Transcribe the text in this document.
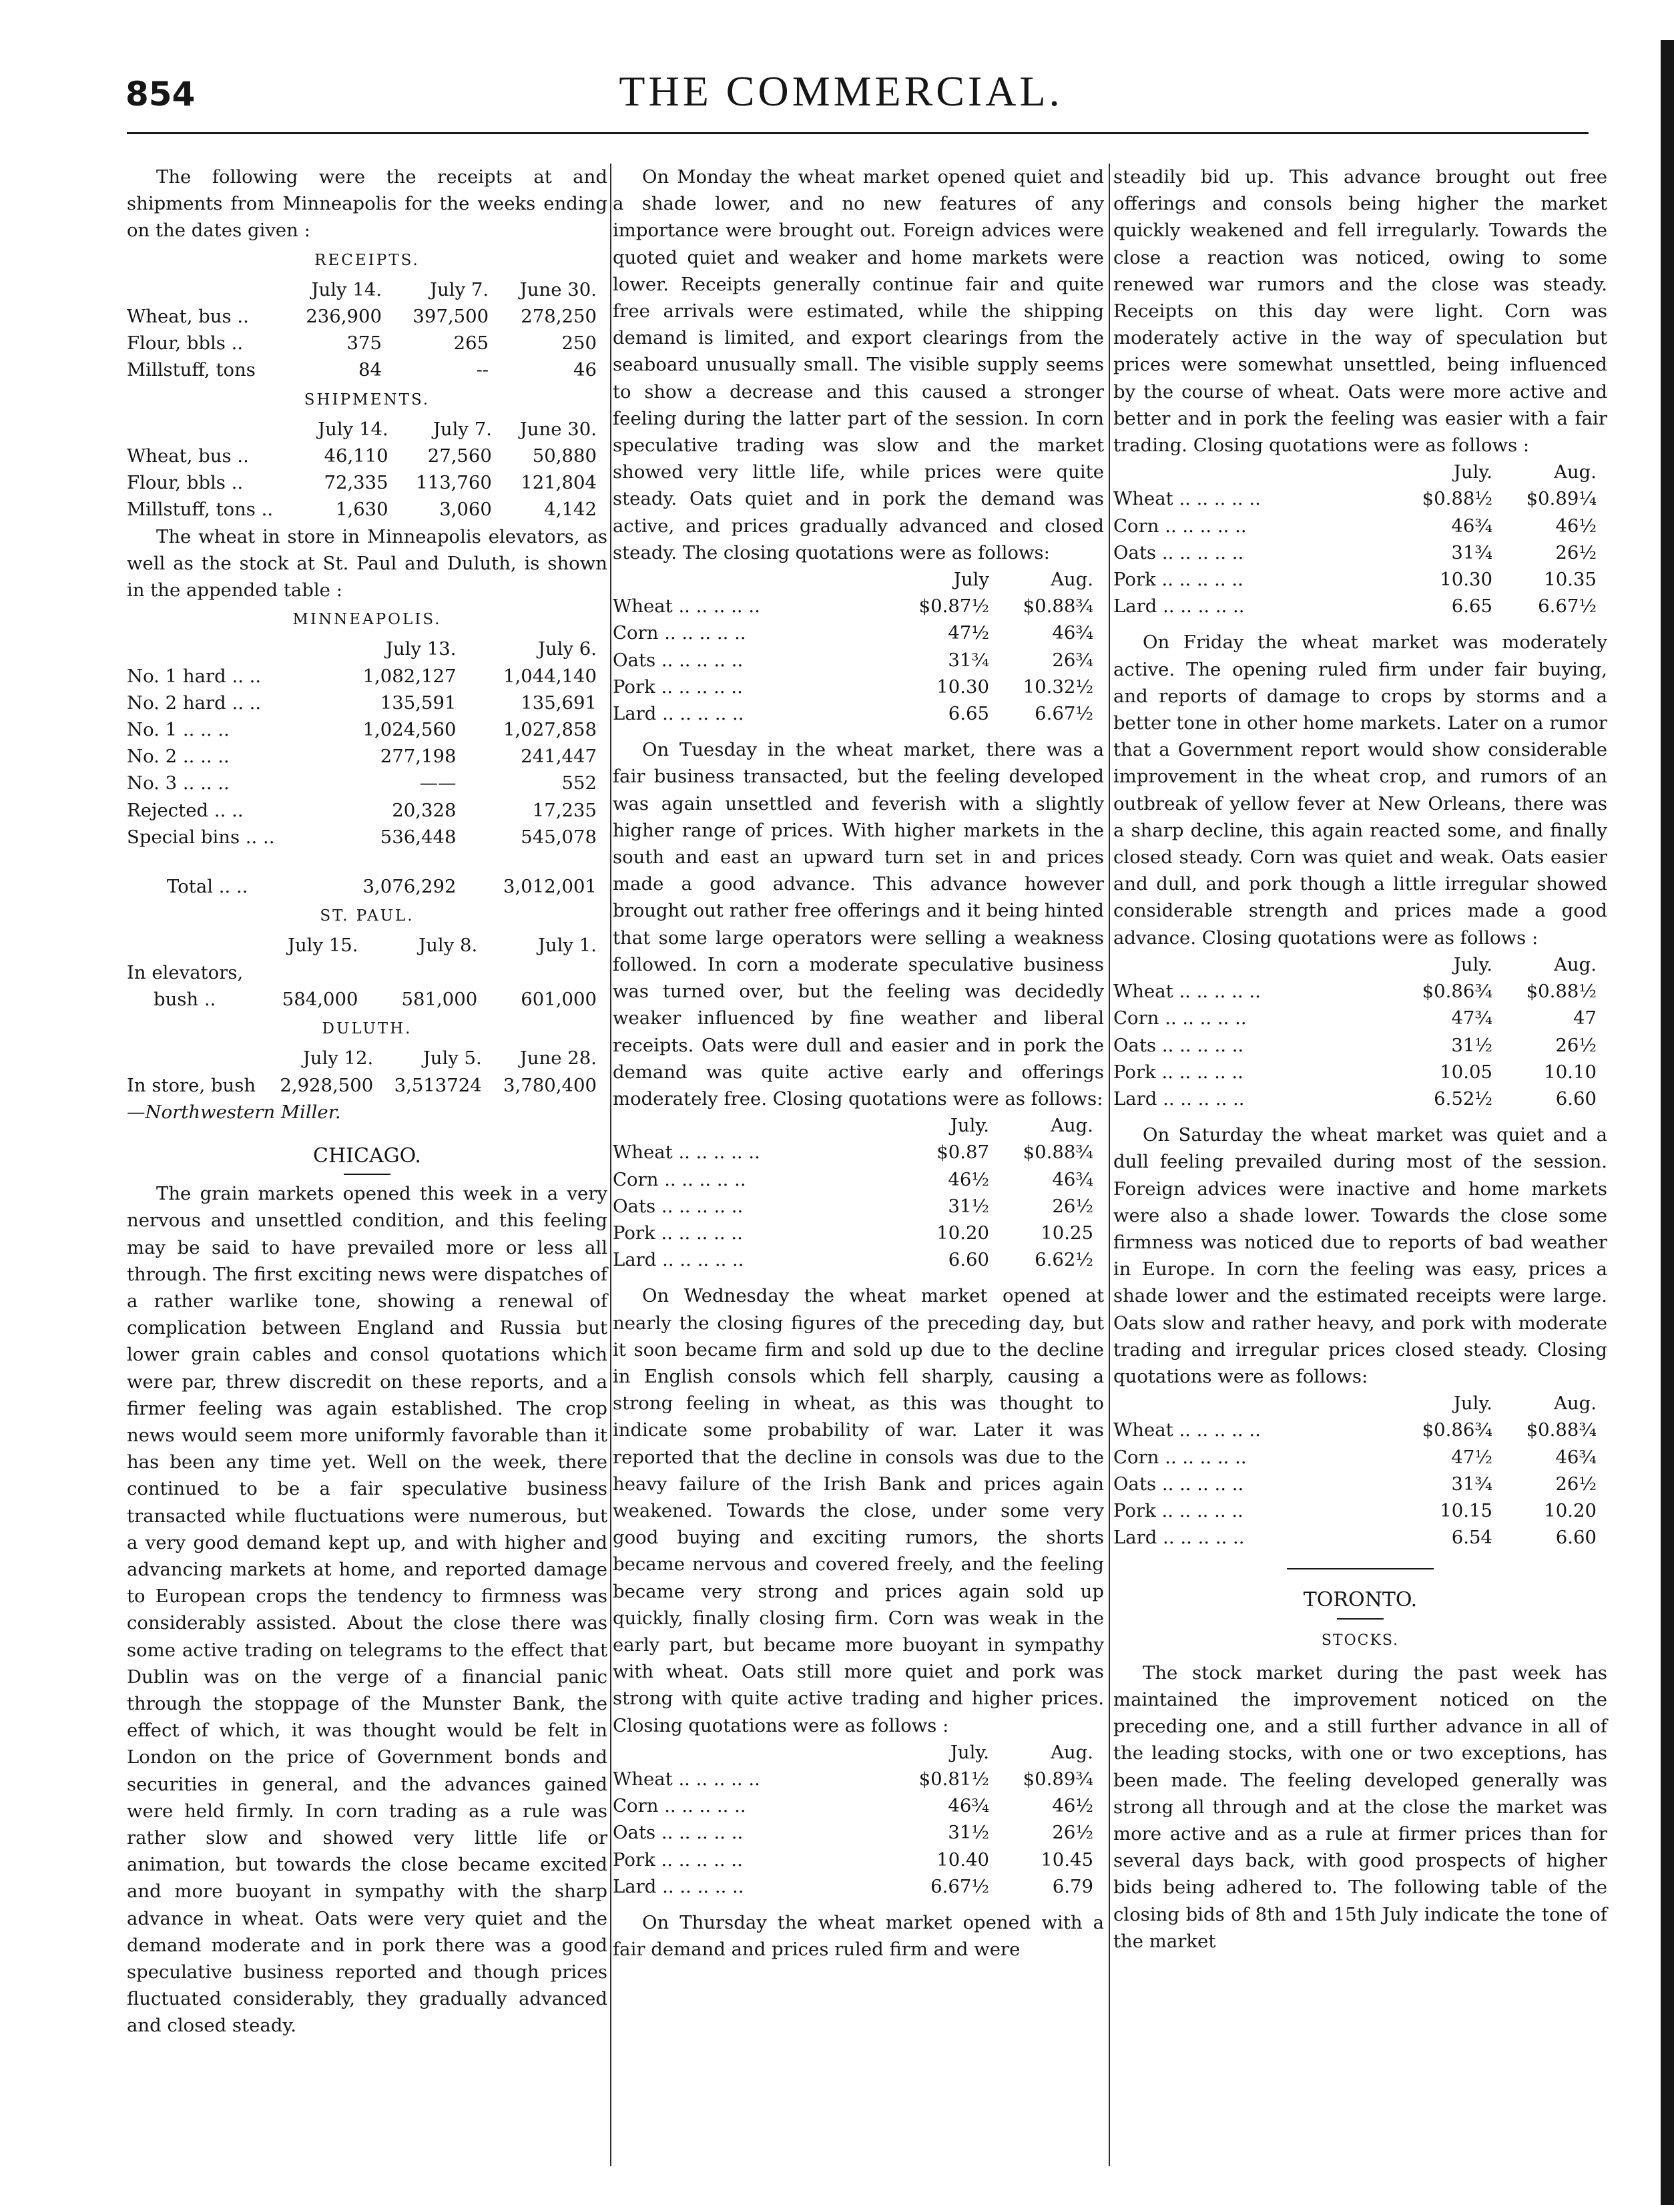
854	THE COMMERCIAL.

The following were the receipts at and shipments from Minneapolis for the weeks ending on the dates given :

RECEIPTS.
	July 14.	July 7.	June 30.
Wheat, bus ..	236,900	397,500	278,250
Flour, bbls ..	375	265	250
Millstuff, tons	84	--	46
SHIPMENTS.
	July 14.	July 7.	June 30.
Wheat, bus ..	46,110	27,560	50,880
Flour, bbls ..	72,335	113,760	121,804
Millstuff, tons ..	1,630	3,060	4,142

The wheat in store in Minneapolis elevators, as well as the stock at St. Paul and Duluth, is shown in the appended table :

MINNEAPOLIS.
	July 13.	July 6.
No. 1 hard .. ..	1,082,127	1,044,140
No. 2 hard .. ..	135,591	135,691
No. 1 .. .. ..	1,024,560	1,027,858
No. 2 .. .. ..	277,198	241,447
No. 3 .. .. ..	——	552
Rejected .. ..	20,328	17,235
Special bins .. ..	536,448	545,078

Total .. ..	3,076,292	3,012,001
ST. PAUL.
	July 15.	July 8.	July 1.
In elevators,			
bush ..	584,000	581,000	601,000
DULUTH.
	July 12.	July 5.	June 28.
In store, bush	2,928,500	3,513724	3,780,400
—Northwestern Miller.
CHICAGO.

The grain markets opened this week in a very nervous and unsettled condition, and this feeling may be said to have prevailed more or less all through. The first exciting news were dispatches of a rather warlike tone, showing a renewal of complication between England and Russia but lower grain cables and consol quotations which were par, threw discredit on these reports, and a firmer feeling was again established. The crop news would seem more uniformly favorable than it has been any time yet. Well on the week, there continued to be a fair speculative business transacted while fluctuations were numerous, but a very good demand kept up, and with higher and advancing markets at home, and reported damage to European crops the tendency to firmness was considerably assisted. About the close there was some active trading on telegrams to the effect that Dublin was on the verge of a financial panic through the stoppage of the Munster Bank, the effect of which, it was thought would be felt in London on the price of Government bonds and securities in general, and the advances gained were held firmly. In corn trading as a rule was rather slow and showed very little life or animation, but towards the close became excited and more buoyant in sympathy with the sharp advance in wheat. Oats were very quiet and the demand moderate and in pork there was a good speculative business reported and though prices fluctuated considerably, they gradually advanced and closed steady.

On Monday the wheat market opened quiet and a shade lower, and no new features of any importance were brought out. Foreign advices were quoted quiet and weaker and home markets were lower. Receipts generally continue fair and quite free arrivals were estimated, while the shipping demand is limited, and export clearings from the seaboard unusually small. The visible supply seems to show a decrease and this caused a stronger feeling during the latter part of the session. In corn speculative trading was slow and the market showed very little life, while prices were quite steady. Oats quiet and in pork the demand was active, and prices gradually advanced and closed steady. The closing quotations were as follows:

	July	Aug.
Wheat .. .. .. .. ..	$0.87½	$0.88¾
Corn .. .. .. .. ..	47½	46¾
Oats .. .. .. .. ..	31¾	26¾
Pork .. .. .. .. ..	10.30	10.32½
Lard .. .. .. .. ..	6.65	6.67½

On Tuesday in the wheat market, there was a fair business transacted, but the feeling developed was again unsettled and feverish with a slightly higher range of prices. With higher markets in the south and east an upward turn set in and prices made a good advance. This advance however brought out rather free offerings and it being hinted that some large operators were selling a weakness followed. In corn a moderate speculative business was turned over, but the feeling was decidedly weaker influenced by fine weather and liberal receipts. Oats were dull and easier and in pork the demand was quite active early and offerings moderately free. Closing quotations were as follows:

	July.	Aug.
Wheat .. .. .. .. ..	$0.87	$0.88¾
Corn .. .. .. .. ..	46½	46¾
Oats .. .. .. .. ..	31½	26½
Pork .. .. .. .. ..	10.20	10.25
Lard .. .. .. .. ..	6.60	6.62½

On Wednesday the wheat market opened at nearly the closing figures of the preceding day, but it soon became firm and sold up due to the decline in English consols which fell sharply, causing a strong feeling in wheat, as this was thought to indicate some probability of war. Later it was reported that the decline in consols was due to the heavy failure of the Irish Bank and prices again weakened. Towards the close, under some very good buying and exciting rumors, the shorts became nervous and covered freely, and the feeling became very strong and prices again sold up quickly, finally closing firm. Corn was weak in the early part, but became more buoyant in sympathy with wheat. Oats still more quiet and pork was strong with quite active trading and higher prices. Closing quotations were as follows :

	July.	Aug.
Wheat .. .. .. .. ..	$0.81½	$0.89¾
Corn .. .. .. .. ..	46¾	46½
Oats .. .. .. .. ..	31½	26½
Pork .. .. .. .. ..	10.40	10.45
Lard .. .. .. .. ..	6.67½	6.79

On Thursday the wheat market opened with a fair demand and prices ruled firm and were

steadily bid up. This advance brought out free offerings and consols being higher the market quickly weakened and fell irregularly. Towards the close a reaction was noticed, owing to some renewed war rumors and the close was steady. Receipts on this day were light. Corn was moderately active in the way of speculation but prices were somewhat unsettled, being influenced by the course of wheat. Oats were more active and better and in pork the feeling was easier with a fair trading. Closing quotations were as follows :

	July.	Aug.
Wheat .. .. .. .. ..	$0.88½	$0.89¼
Corn .. .. .. .. ..	46¾	46½
Oats .. .. .. .. ..	31¾	26½
Pork .. .. .. .. ..	10.30	10.35
Lard .. .. .. .. ..	6.65	6.67½

On Friday the wheat market was moderately active. The opening ruled firm under fair buying, and reports of damage to crops by storms and a better tone in other home markets. Later on a rumor that a Government report would show considerable improvement in the wheat crop, and rumors of an outbreak of yellow fever at New Orleans, there was a sharp decline, this again reacted some, and finally closed steady. Corn was quiet and weak. Oats easier and dull, and pork though a little irregular showed considerable strength and prices made a good advance. Closing quotations were as follows :

	July.	Aug.
Wheat .. .. .. .. ..	$0.86¾	$0.88½
Corn .. .. .. .. ..	47¾	47
Oats .. .. .. .. ..	31½	26½
Pork .. .. .. .. ..	10.05	10.10
Lard .. .. .. .. ..	6.52½	6.60

On Saturday the wheat market was quiet and a dull feeling prevailed during most of the session. Foreign advices were inactive and home markets were also a shade lower. Towards the close some firmness was noticed due to reports of bad weather in Europe. In corn the feeling was easy, prices a shade lower and the estimated receipts were large. Oats slow and rather heavy, and pork with moderate trading and irregular prices closed steady. Closing quotations were as follows:

	July.	Aug.
Wheat .. .. .. .. ..	$0.86¾	$0.88¾
Corn .. .. .. .. ..	47½	46¾
Oats .. .. .. .. ..	31¾	26½
Pork .. .. .. .. ..	10.15	10.20
Lard .. .. .. .. ..	6.54	6.60
TORONTO.
STOCKS.

The stock market during the past week has maintained the improvement noticed on the preceding one, and a still further advance in all of the leading stocks, with one or two exceptions, has been made. The feeling developed generally was strong all through and at the close the market was more active and as a rule at firmer prices than for several days back, with good prospects of higher bids being adhered to. The following table of the closing bids of 8th and 15th July indicate the tone of the market
